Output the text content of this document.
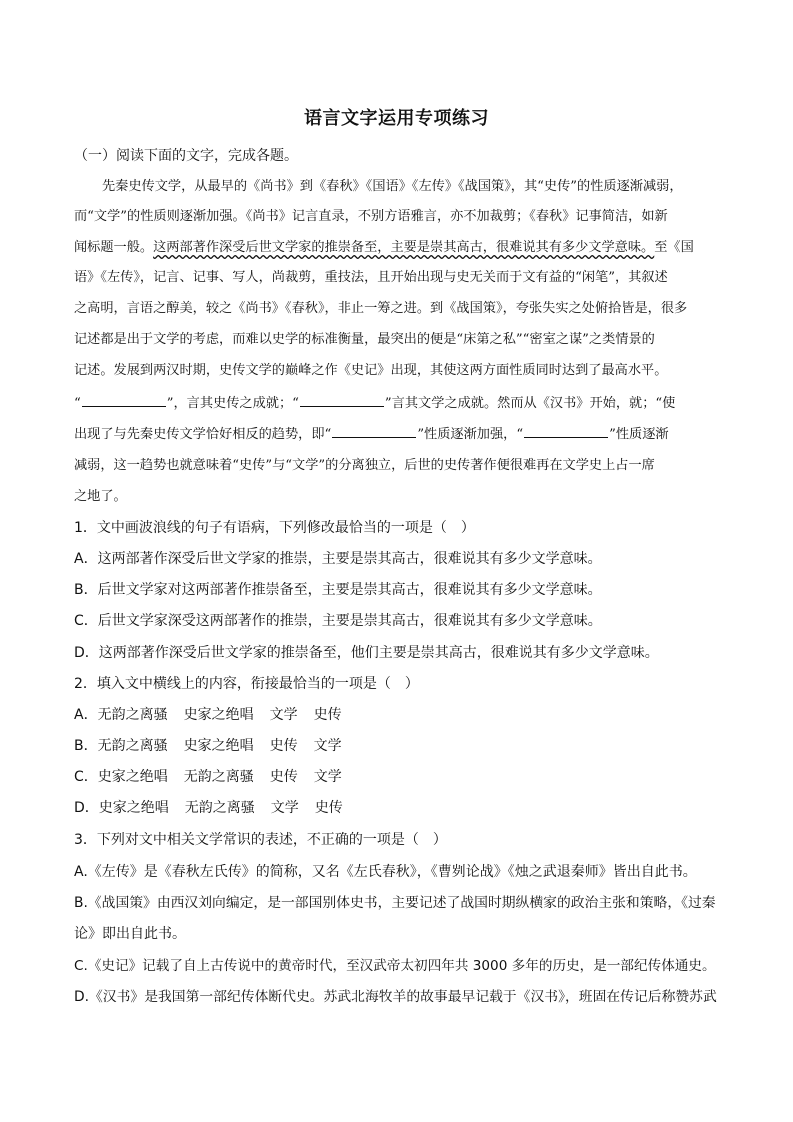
语言文字运用专项练习
（一）阅读下面的文字，完成各题。
先秦史传文学，从最早的《尚书》到《春秋》《国语》《左传》《战国策》，其“史传”的性质逐渐减弱，
而“文学”的性质则逐渐加强。《尚书》记言直录，不别方语雅言，亦不加裁剪；《春秋》记事简洁，如新
闻标题一般。这两部著作深受后世文学家的推崇备至，主要是崇其高古，很难说其有多少文学意味。至《国
语》《左传》，记言、记事、写人，尚裁剪，重技法，且开始出现与史无关而于文有益的“闲笔”，其叙述
之高明，言语之醇美，较之《尚书》《春秋》，非止一筹之进。到《战国策》，夸张失实之处俯拾皆是，很多
记述都是出于文学的考虑，而难以史学的标准衡量，最突出的便是“床第之私”“密室之谋”之类情景的
记述。发展到两汉时期，史传文学的巅峰之作《史记》出现，其使这两方面性质同时达到了最高水平。
“	”，言其史传之成就；“	”言其文学之成就。然而从《汉书》开始，就；“使
出现了与先秦史传文学恰好相反的趋势，即“	”性质逐渐加强，“	”性质逐渐
减弱，这一趋势也就意味着“史传”与“文学”的分离独立，后世的史传著作便很难再在文学史上占一席
之地了。
1．文中画波浪线的句子有语病，下列修改最恰当的一项是（　）
A．这两部著作深受后世文学家的推崇，主要是崇其高古，很难说其有多少文学意味。
B．后世文学家对这两部著作推崇备至，主要是崇其高古，很难说其有多少文学意味。
C．后世文学家深受这两部著作的推崇，主要是崇其高古，很难说其有多少文学意味。
D．这两部著作深受后世文学家的推崇备至，他们主要是崇其高古，很难说其有多少文学意味。
2．填入文中横线上的内容，衔接最恰当的一项是（　）
A．无韵之离骚 史家之绝唱 文学 史传
B．无韵之离骚 史家之绝唱 史传 文学
C．史家之绝唱 无韵之离骚 史传 文学
D．史家之绝唱 无韵之离骚 文学 史传
3．下列对文中相关文学常识的表述，不正确的一项是（　）
A.《左传》是《春秋左氏传》的简称，又名《左氏春秋》，《曹刿论战》《烛之武退秦师》皆出自此书。
B.《战国策》由西汉刘向编定，是一部国别体史书，主要记述了战国时期纵横家的政治主张和策略，《过秦
论》即出自此书。
C.《史记》记载了自上古传说中的黄帝时代，至汉武帝太初四年共 3000 多年的历史，是一部纪传体通史。
D.《汉书》是我国第一部纪传体断代史。苏武北海牧羊的故事最早记载于《汉书》，班固在传记后称赞苏武
